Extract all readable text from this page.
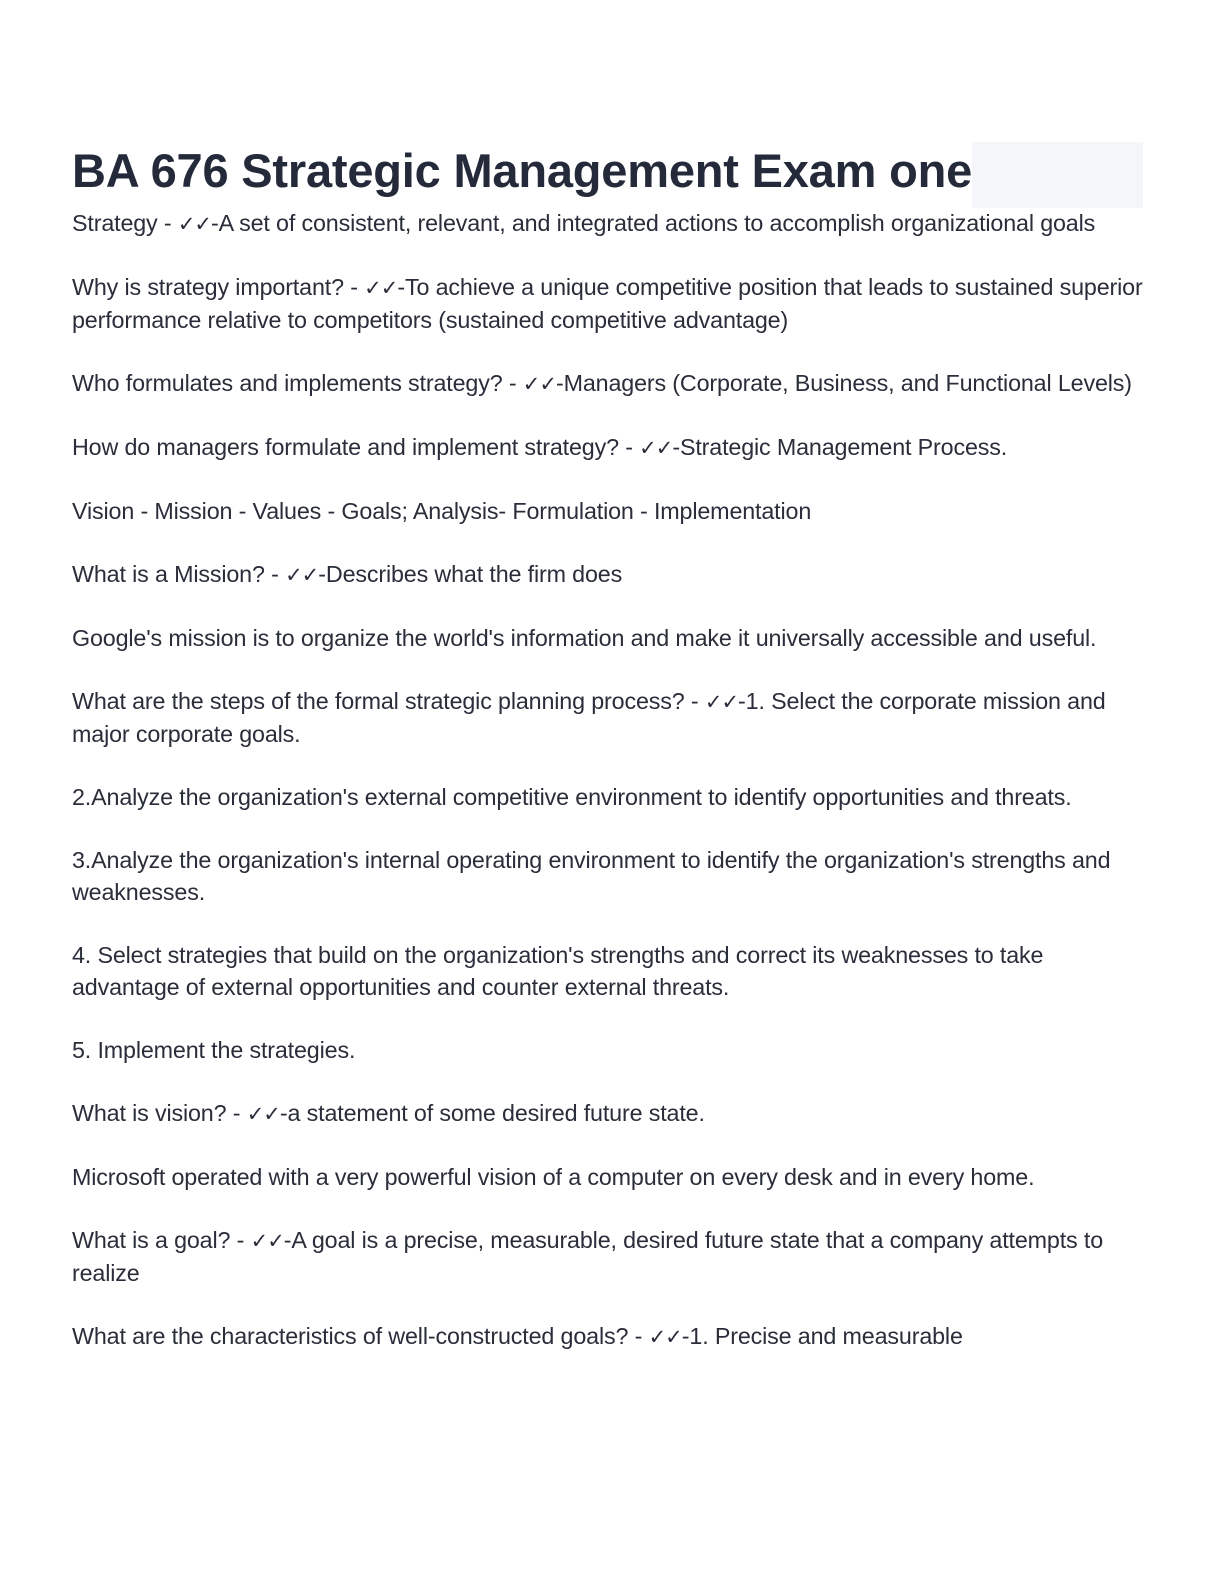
BA 676 Strategic Management Exam one

Strategy - ✓✓-A set of consistent, relevant, and integrated actions to accomplish organizational goals

Why is strategy important? - ✓✓-To achieve a unique competitive position that leads to sustained superior performance relative to competitors (sustained competitive advantage)

Who formulates and implements strategy? - ✓✓-Managers (Corporate, Business, and Functional Levels)

How do managers formulate and implement strategy? - ✓✓-Strategic Management Process.

Vision - Mission - Values - Goals; Analysis- Formulation - Implementation

What is a Mission? - ✓✓-Describes what the firm does

Google's mission is to organize the world's information and make it universally accessible and useful.

What are the steps of the formal strategic planning process? - ✓✓-1. Select the corporate mission and major corporate goals.

2.Analyze the organization's external competitive environment to identify opportunities and threats.

3.Analyze the organization's internal operating environment to identify the organization's strengths and weaknesses.

4. Select strategies that build on the organization's strengths and correct its weaknesses to take advantage of external opportunities and counter external threats.

5. Implement the strategies.

What is vision? - ✓✓-a statement of some desired future state.

Microsoft operated with a very powerful vision of a computer on every desk and in every home.

What is a goal? - ✓✓-A goal is a precise, measurable, desired future state that a company attempts to realize

What are the characteristics of well-constructed goals? - ✓✓-1. Precise and measurable
